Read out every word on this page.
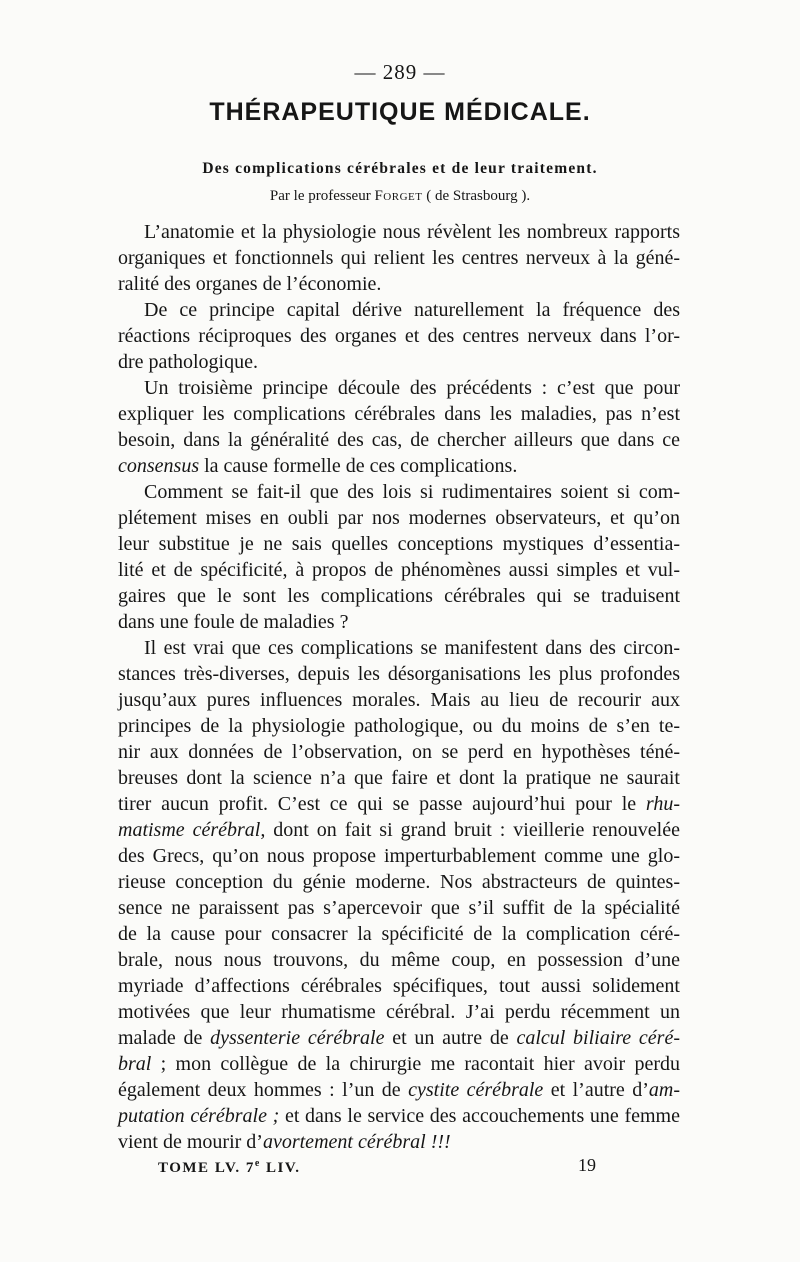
— 289 —
THÉRAPEUTIQUE MÉDICALE.
Des complications cérébrales et de leur traitement.
Par le professeur Forget ( de Strasbourg ).
L’anatomie et la physiologie nous révèlent les nombreux rapports
organiques et fonctionnels qui relient les centres nerveux à la géné-
ralité des organes de l’économie.
De ce principe capital dérive naturellement la fréquence des
réactions réciproques des organes et des centres nerveux dans l’or-
dre pathologique.
Un troisième principe découle des précédents : c’est que pour
expliquer les complications cérébrales dans les maladies, pas n’est
besoin, dans la généralité des cas, de chercher ailleurs que dans ce
consensus la cause formelle de ces complications.
Comment se fait-il que des lois si rudimentaires soient si com-
plétement mises en oubli par nos modernes observateurs, et qu’on
leur substitue je ne sais quelles conceptions mystiques d’essentia-
lité et de spécificité, à propos de phénomènes aussi simples et vul-
gaires que le sont les complications cérébrales qui se traduisent
dans une foule de maladies ?
Il est vrai que ces complications se manifestent dans des circon-
stances très-diverses, depuis les désorganisations les plus profondes
jusqu’aux pures influences morales. Mais au lieu de recourir aux
principes de la physiologie pathologique, ou du moins de s’en te-
nir aux données de l’observation, on se perd en hypothèses téné-
breuses dont la science n’a que faire et dont la pratique ne saurait
tirer aucun profit. C’est ce qui se passe aujourd’hui pour le rhu-
matisme cérébral, dont on fait si grand bruit : vieillerie renouvelée
des Grecs, qu’on nous propose imperturbablement comme une glo-
rieuse conception du génie moderne. Nos abstracteurs de quintes-
sence ne paraissent pas s’apercevoir que s’il suffit de la spécialité
de la cause pour consacrer la spécificité de la complication céré-
brale, nous nous trouvons, du même coup, en possession d’une
myriade d’affections cérébrales spécifiques, tout aussi solidement
motivées que leur rhumatisme cérébral. J’ai perdu récemment un
malade de dyssenterie cérébrale et un autre de calcul biliaire céré-
bral ; mon collègue de la chirurgie me racontait hier avoir perdu
également deux hommes : l’un de cystite cérébrale et l’autre d’am-
putation cérébrale ; et dans le service des accouchements une femme
vient de mourir d’avortement cérébral !!!
TOME LV. 7e LIV.	19
